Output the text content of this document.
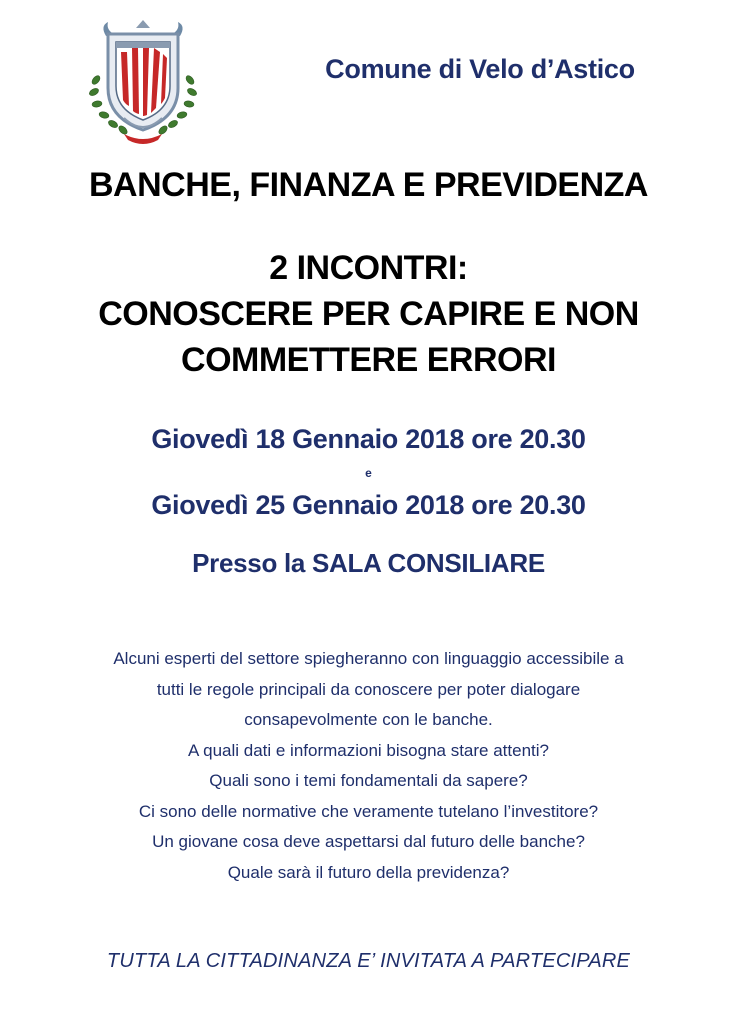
Comune di Velo d’Astico
BANCHE, FINANZA E PREVIDENZA
2 INCONTRI:
CONOSCERE PER CAPIRE E NON
COMMETTERE ERRORI
Giovedì 18 Gennaio 2018 ore 20.30
e
Giovedì 25 Gennaio 2018 ore 20.30
Presso la SALA CONSILIARE
Alcuni esperti del settore spiegheranno con linguaggio accessibile a
tutti le regole principali da conoscere per poter dialogare
consapevolmente con le banche.
A quali dati e informazioni bisogna stare attenti?
Quali sono i temi fondamentali da sapere?
Ci sono delle normative che veramente tutelano l’investitore?
Un giovane cosa deve aspettarsi dal futuro delle banche?
Quale sarà il futuro della previdenza?
TUTTA LA CITTADINANZA E’ INVITATA A PARTECIPARE
